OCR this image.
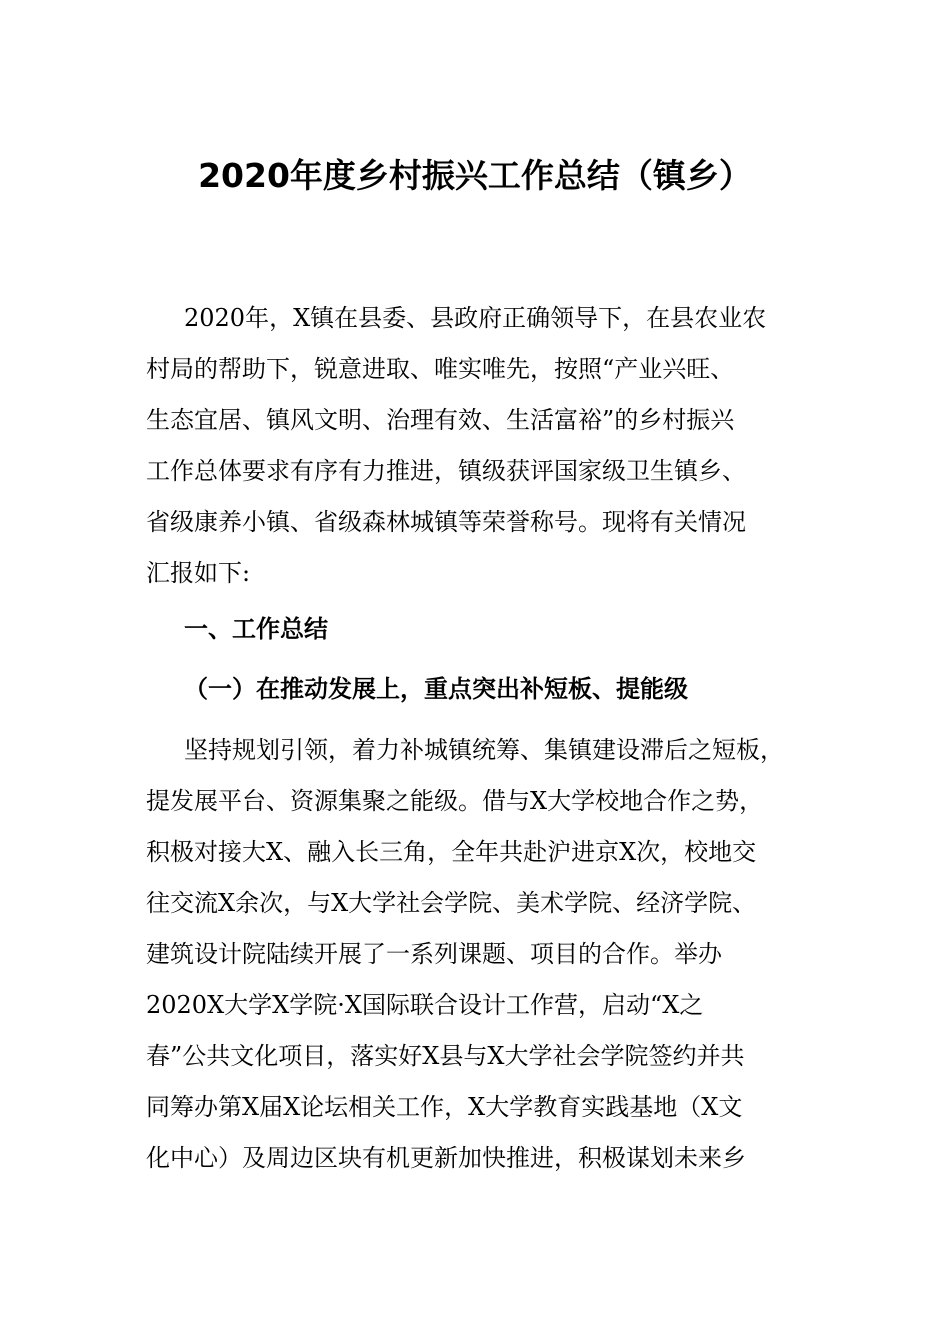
2020年度乡村振兴工作总结（镇乡）
2020年，X镇在县委、县政府正确领导下，在县农业农
村局的帮助下，锐意进取、唯实唯先，按照“产业兴旺、
生态宜居、镇风文明、治理有效、生活富裕”的乡村振兴
工作总体要求有序有力推进，镇级获评国家级卫生镇乡、
省级康养小镇、省级森林城镇等荣誉称号。现将有关情况
汇报如下:
一、工作总结
（一）在推动发展上，重点突出补短板、提能级
坚持规划引领，着力补城镇统筹、集镇建设滞后之短板，
提发展平台、资源集聚之能级。借与X大学校地合作之势，
积极对接大X、融入长三角，全年共赴沪进京X次，校地交
往交流X余次，与X大学社会学院、美术学院、经济学院、
建筑设计院陆续开展了一系列课题、项目的合作。举办
2020X大学X学院·X国际联合设计工作营，启动“X之
春”公共文化项目，落实好X县与X大学社会学院签约并共
同筹办第X届X论坛相关工作，X大学教育实践基地（X文
化中心）及周边区块有机更新加快推进，积极谋划未来乡
